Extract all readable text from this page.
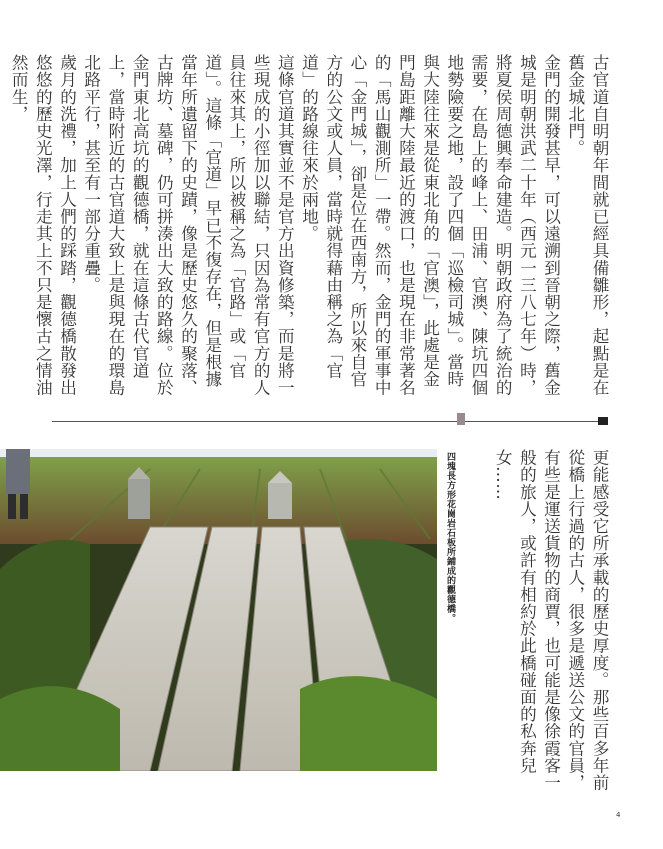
古官道自明朝年間就已經具備雛形，起點是在舊金城北門。

金門的開發甚早，可以遠溯到晉朝之際，舊金城是明朝洪武二十年（西元一三八七年）時，將夏侯周德興奉命建造。明朝政府為了統治的需要，在島上的峰上、田浦、官澳、陳坑四個地勢險要之地，設了四個「巡檢司城」。當時與大陸往來是從東北角的「官澳」，此處是金門島距離大陸最近的渡口，也是現在非常著名的「馬山觀測所」一帶。然而，金門的軍事中心「金門城」，卻是位在西南方，所以來自官方的公文或人員，當時就得藉由稱之為「官道」的路線往來於兩地。

這條官道其實並不是官方出資修築，而是將一些現成的小徑加以聯結，只因為常有官方的人員往來其上，所以被稱之為「官路」或「官道」。這條「官道」早已不復存在，但是根據當年所遺留下的史蹟，像是歷史悠久的聚落、古牌坊、墓碑，仍可拼湊出大致的路線。位於金門東北高坑的觀德橋，就在這條古代官道上，當時附近的古官道大致上是與現在的環島北路平行，甚至有一部分重疊。

歲月的洗禮，加上人們的踩踏，觀德橋散發出悠悠的歷史光澤，行走其上不只是懷古之情油然而生，

更能感受它所承載的歷史厚度。那些百多年前從橋上行過的古人，很多是遞送公文的官員，有些是運送貨物的商賈，也可能是像徐霞客一般的旅人，或許有相約於此橋碰面的私奔兒女……

四塊長方形花崗岩石板所鋪成的觀德橋。
4
